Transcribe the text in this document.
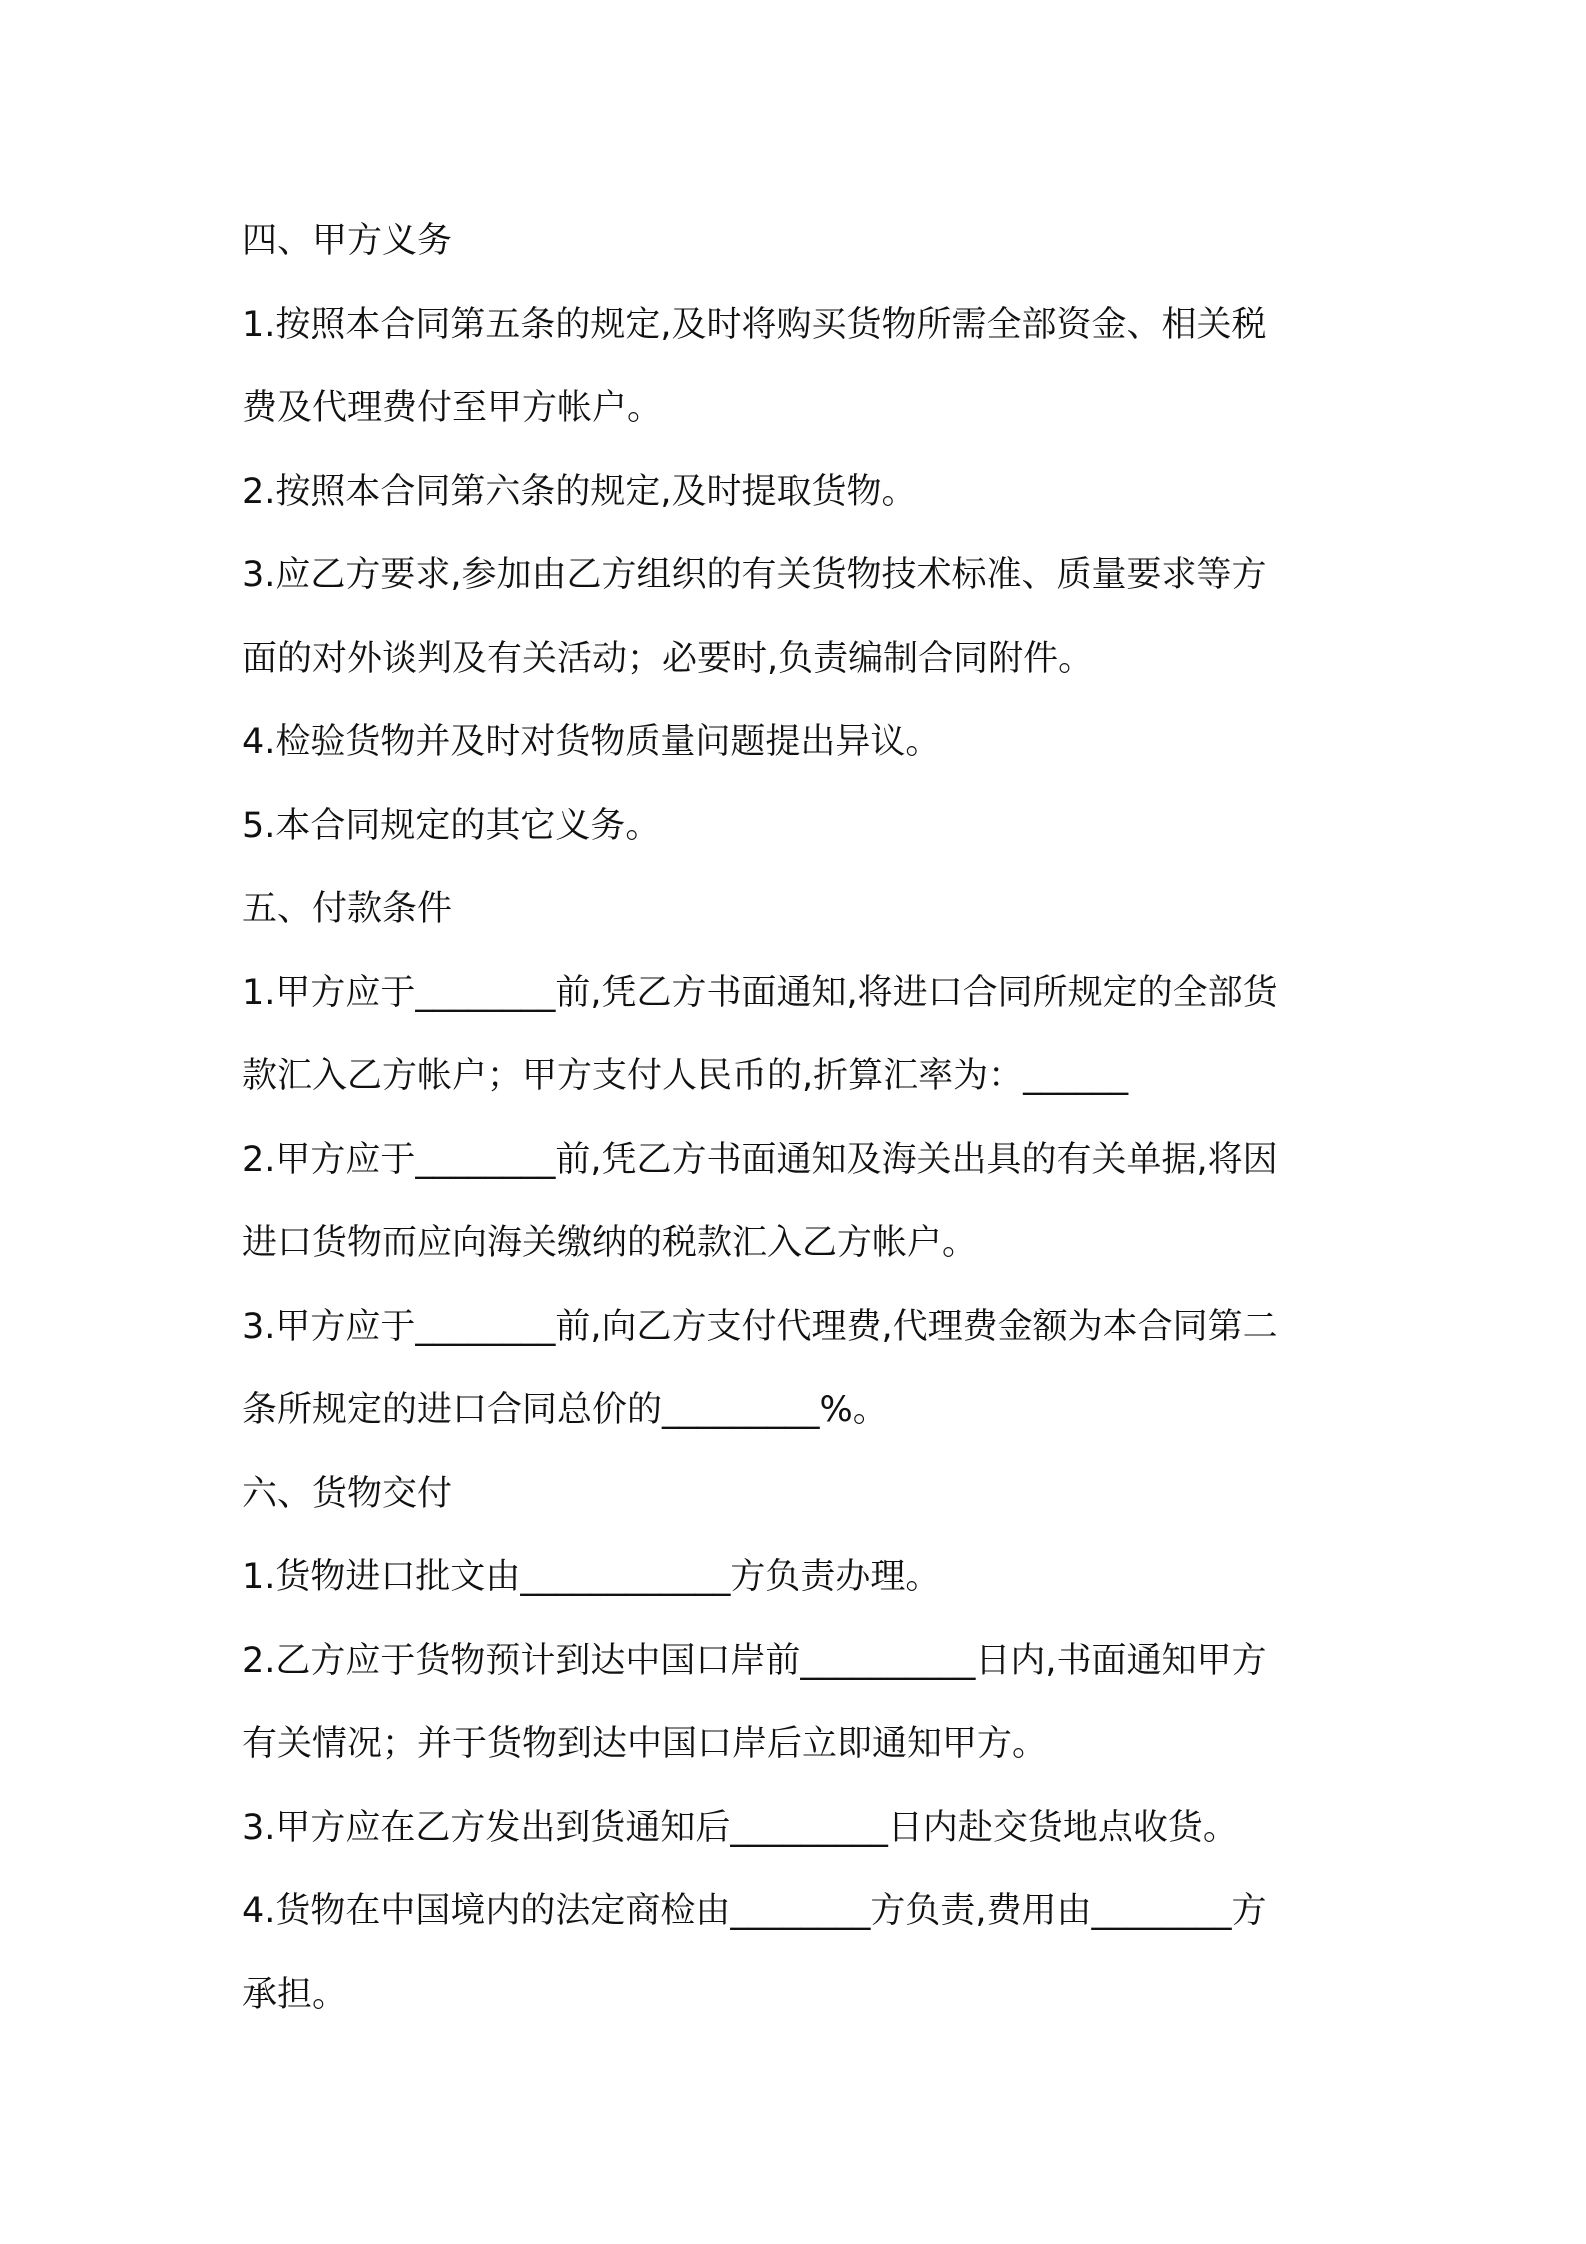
四、甲方义务
1.按照本合同第五条的规定,及时将购买货物所需全部资金、相关税
费及代理费付至甲方帐户。
2.按照本合同第六条的规定,及时提取货物。
3.应乙方要求,参加由乙方组织的有关货物技术标准、质量要求等方
面的对外谈判及有关活动；必要时,负责编制合同附件。
4.检验货物并及时对货物质量问题提出异议。
5.本合同规定的其它义务。
五、付款条件
1.甲方应于________前,凭乙方书面通知,将进口合同所规定的全部货
款汇入乙方帐户；甲方支付人民币的,折算汇率为：______
2.甲方应于________前,凭乙方书面通知及海关出具的有关单据,将因
进口货物而应向海关缴纳的税款汇入乙方帐户。
3.甲方应于________前,向乙方支付代理费,代理费金额为本合同第二
条所规定的进口合同总价的_________%。
六、货物交付
1.货物进口批文由____________方负责办理。
2.乙方应于货物预计到达中国口岸前__________日内,书面通知甲方
有关情况；并于货物到达中国口岸后立即通知甲方。
3.甲方应在乙方发出到货通知后_________日内赴交货地点收货。
4.货物在中国境内的法定商检由________方负责,费用由________方
承担。
